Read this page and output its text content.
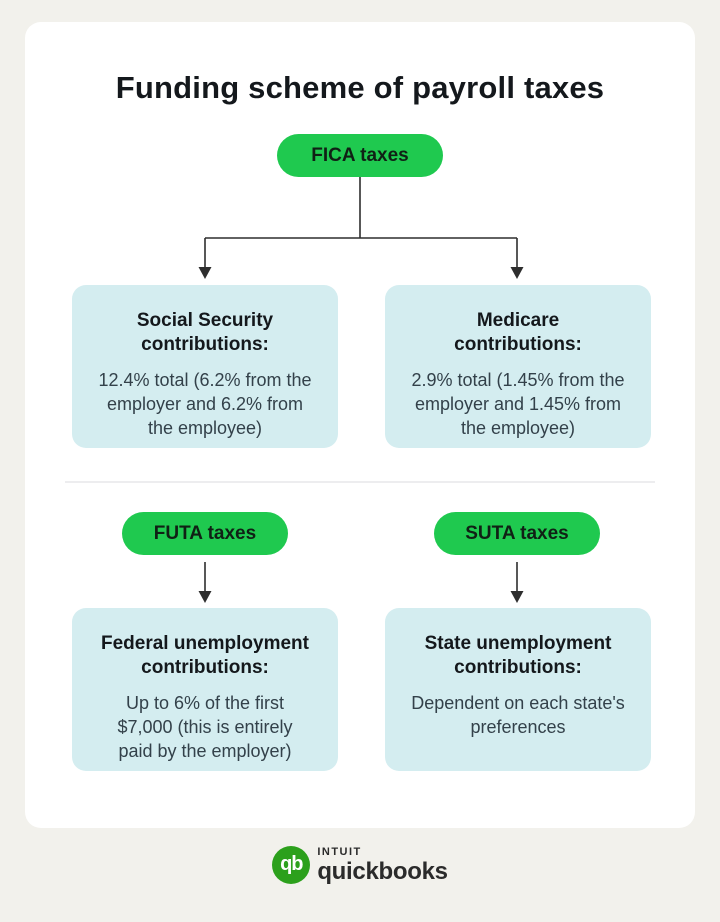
Funding scheme of payroll taxes
FICA taxes
Social Security contributions:
12.4% total (6.2% from the employer and 6.2% from the employee)
Medicare contributions:
2.9% total (1.45% from the employer and 1.45% from the employee)
FUTA taxes	SUTA taxes
Federal unemployment contributions:
Up to 6% of the first $7,000 (this is entirely paid by the employer)
State unemployment contributions:
Dependent on each state's preferences
qb
INTUIT
quickbooks
